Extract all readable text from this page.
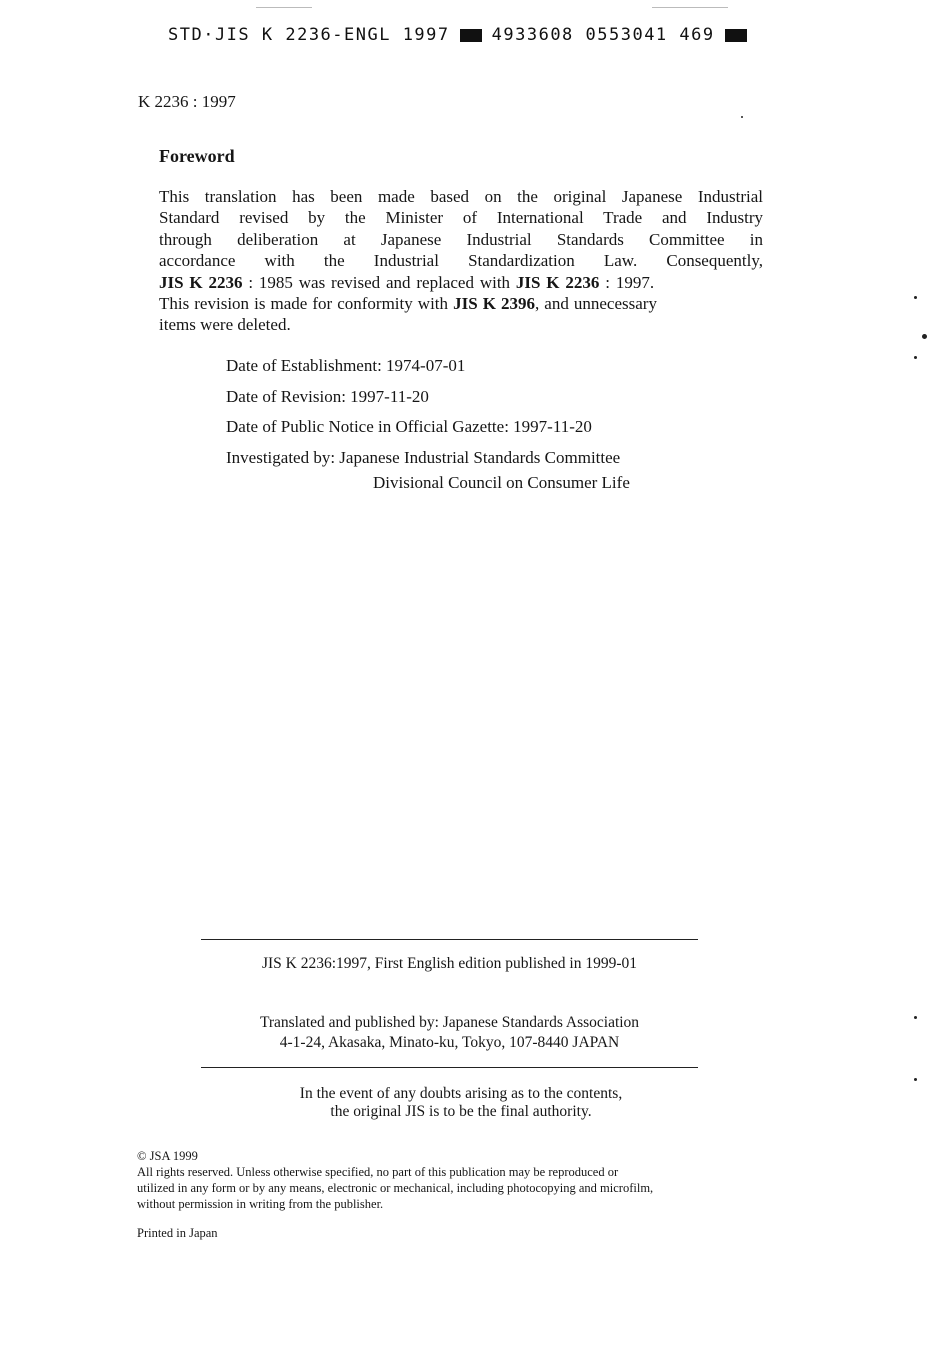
STD·JIS K 2236-ENGL 1997 4933608 0553041 469
K 2236 : 1997
Foreword
This translation has been made based on the original Japanese Industrial
Standard revised by the Minister of International Trade and Industry
through deliberation at Japanese Industrial Standards Committee in
accordance with the Industrial Standardization Law. Consequently,
JIS K 2236 : 1985 was revised and replaced with JIS K 2236 : 1997.
This revision is made for conformity with JIS K 2396, and unnecessary
items were deleted.
Date of Establishment: 1974-07-01
Date of Revision: 1997-11-20
Date of Public Notice in Official Gazette: 1997-11-20
Investigated by: Japanese Industrial Standards Committee
Divisional Council on Consumer Life
JIS K 2236:1997, First English edition published in 1999-01
Translated and published by: Japanese Standards Association
4-1-24, Akasaka, Minato-ku, Tokyo, 107-8440 JAPAN
In the event of any doubts arising as to the contents,
the original JIS is to be the final authority.
© JSA 1999
All rights reserved. Unless otherwise specified, no part of this publication may be reproduced or
utilized in any form or by any means, electronic or mechanical, including photocopying and microfilm,
without permission in writing from the publisher.
Printed in Japan
